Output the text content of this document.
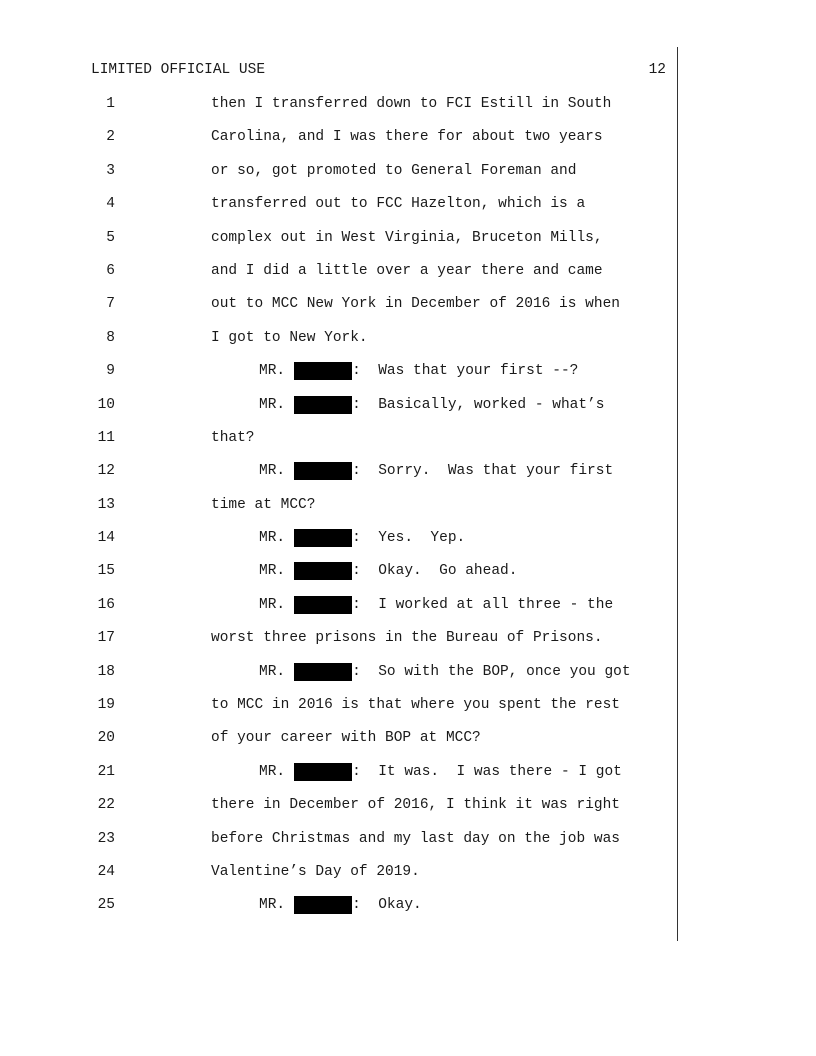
LIMITED OFFICIAL USE	12
1	then I transferred down to FCI Estill in South
2	Carolina, and I was there for about two years
3	or so, got promoted to General Foreman and
4	transferred out to FCC Hazelton, which is a
5	complex out in West Virginia, Bruceton Mills,
6	and I did a little over a year there and came
7	out to MCC New York in December of 2016 is when
8	I got to New York.
9	MR.	:  Was that your first --?
10	MR.	:  Basically, worked - what’s
11	that?
12	MR.	:  Sorry.  Was that your first
13	time at MCC?
14	MR.	:  Yes.  Yep.
15	MR.	:  Okay.  Go ahead.
16	MR.	:  I worked at all three - the
17	worst three prisons in the Bureau of Prisons.
18	MR.	:  So with the BOP, once you got
19	to MCC in 2016 is that where you spent the rest
20	of your career with BOP at MCC?
21	MR.	:  It was.  I was there - I got
22	there in December of 2016, I think it was right
23	before Christmas and my last day on the job was
24	Valentine’s Day of 2019.
25	MR.	:  Okay.
